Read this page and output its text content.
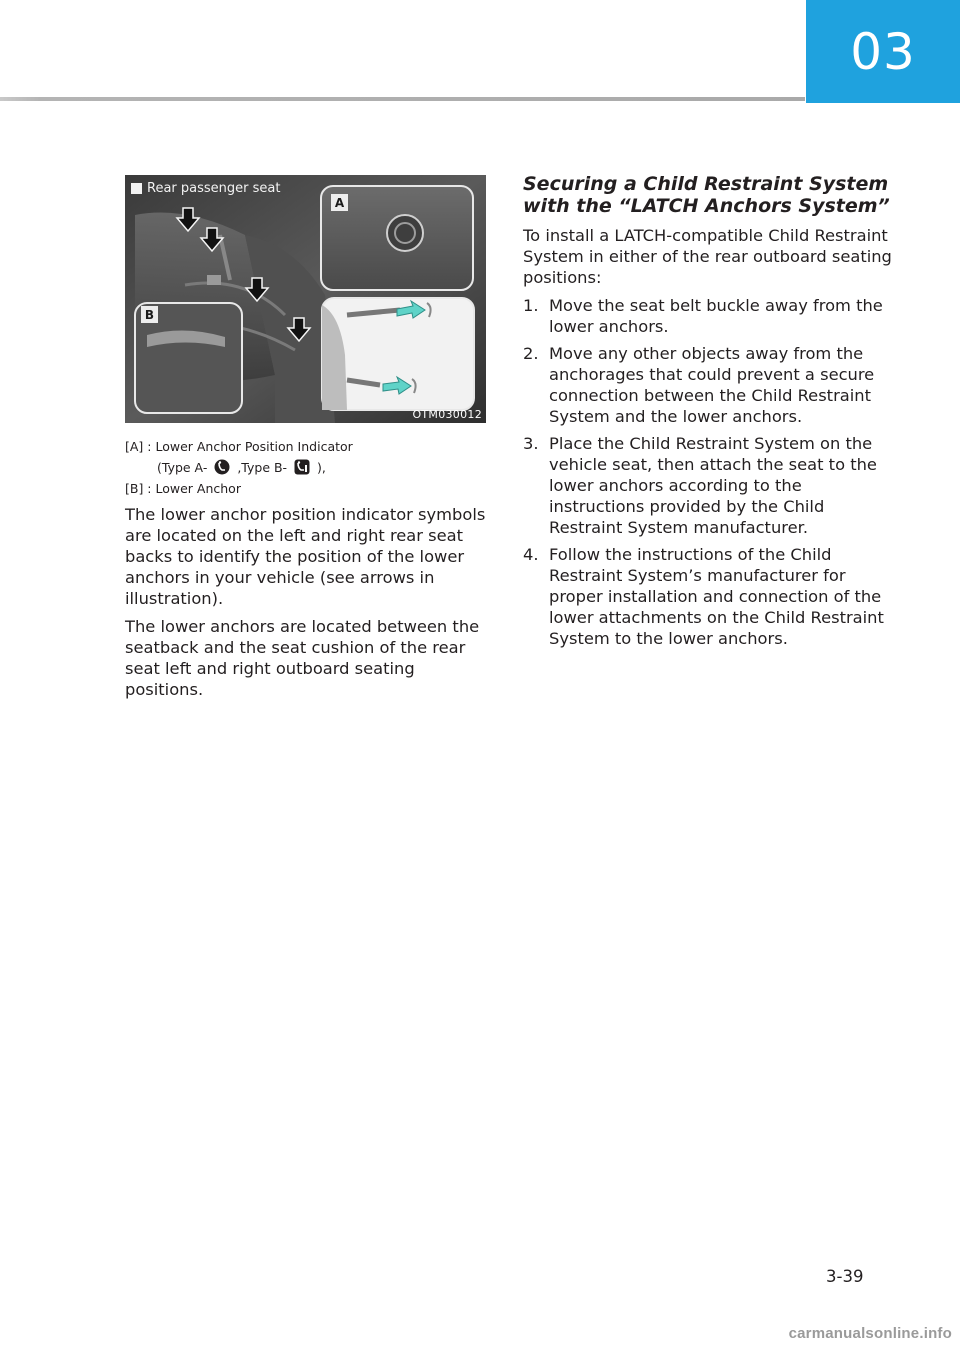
03
Rear passenger seat
A
B
OTM030012
[A] : Lower Anchor Position Indicator
(Type A- ,Type B- ),
[B] : Lower Anchor

The lower anchor position indicator symbols are located on the left and right rear seat backs to identify the position of the lower anchors in your vehicle (see arrows in illustration).

The lower anchors are located between the seatback and the seat cushion of the rear seat left and right outboard seating positions.

Securing a Child Restraint System with the “LATCH Anchors System”

To install a LATCH-compatible Child Restraint System in either of the rear outboard seating positions:

1. Move the seat belt buckle away from the lower anchors.
2. Move any other objects away from the anchorages that could prevent a secure connection between the Child Restraint System and the lower anchors.
3. Place the Child Restraint System on the vehicle seat, then attach the seat to the lower anchors according to the instructions provided by the Child Restraint System manufacturer.
4. Follow the instructions of the Child Restraint System’s manufacturer for proper installation and connection of the lower attachments on the Child Restraint System to the lower anchors.
3-39
carmanualsonline.info
